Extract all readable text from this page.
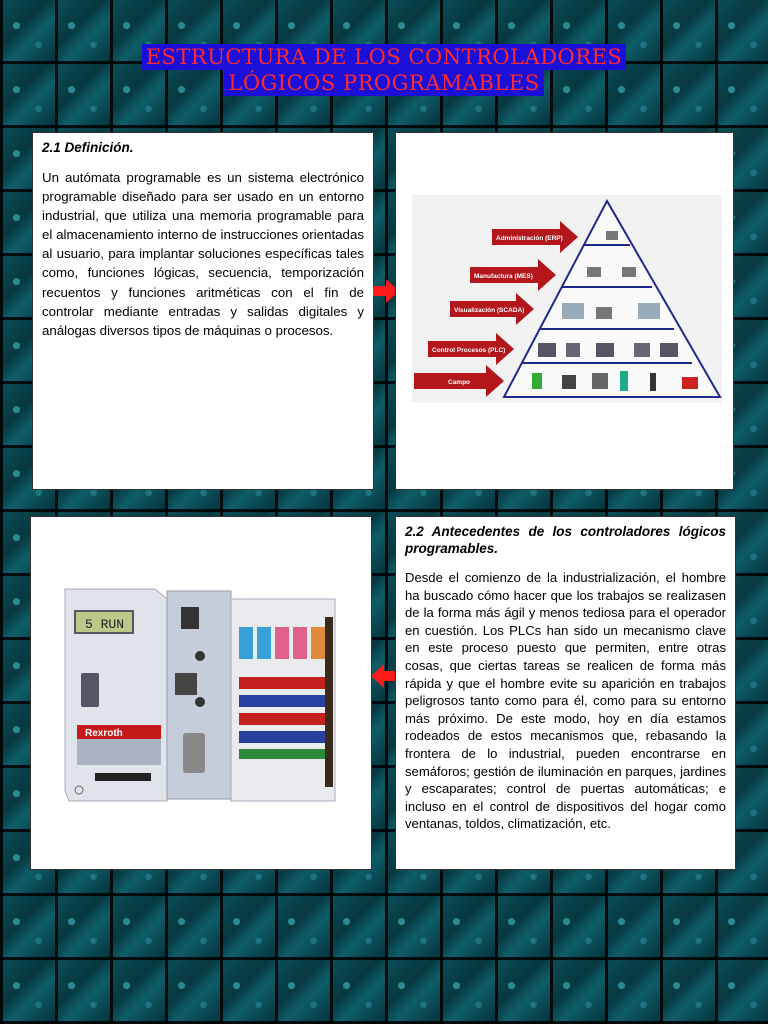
ESTRUCTURA DE LOS CONTROLADORES
LÓGICOS PROGRAMABLES

2.1 Definición.

Un autómata programable es un sistema electrónico programable diseñado para ser usado en un entorno industrial, que utiliza una memoria programable para el almacenamiento interno de instrucciones orientadas al usuario, para implantar soluciones específicas tales como, funciones lógicas, secuencia, temporización recuentos y funciones aritméticas con el fin de controlar mediante entradas y salidas digitales y análogas diversos tipos de máquinas o procesos.

Administración (ERP)
Manufactura (MES)
Visualización (SCADA)
Control Procesos (PLC)
Campo
5 RUN
Rexroth

2.2 Antecedentes de los controladores lógicos programables.

Desde el comienzo de la industrialización, el hombre ha buscado cómo hacer que los trabajos se realizasen de la forma más ágil y menos tediosa para el operador en cuestión. Los PLCs han sido un mecanismo clave en este proceso puesto que permiten, entre otras cosas, que ciertas tareas se realicen de forma más rápida y que el hombre evite su aparición en trabajos peligrosos tanto como para él, como para su entorno más próximo. De este modo, hoy en día estamos rodeados de estos mecanismos que, rebasando la frontera de lo industrial, pueden encontrarse en semáforos; gestión de iluminación en parques, jardines y escaparates; control de puertas automáticas; e incluso en el control de dispositivos del hogar como ventanas, toldos, climatización, etc.
